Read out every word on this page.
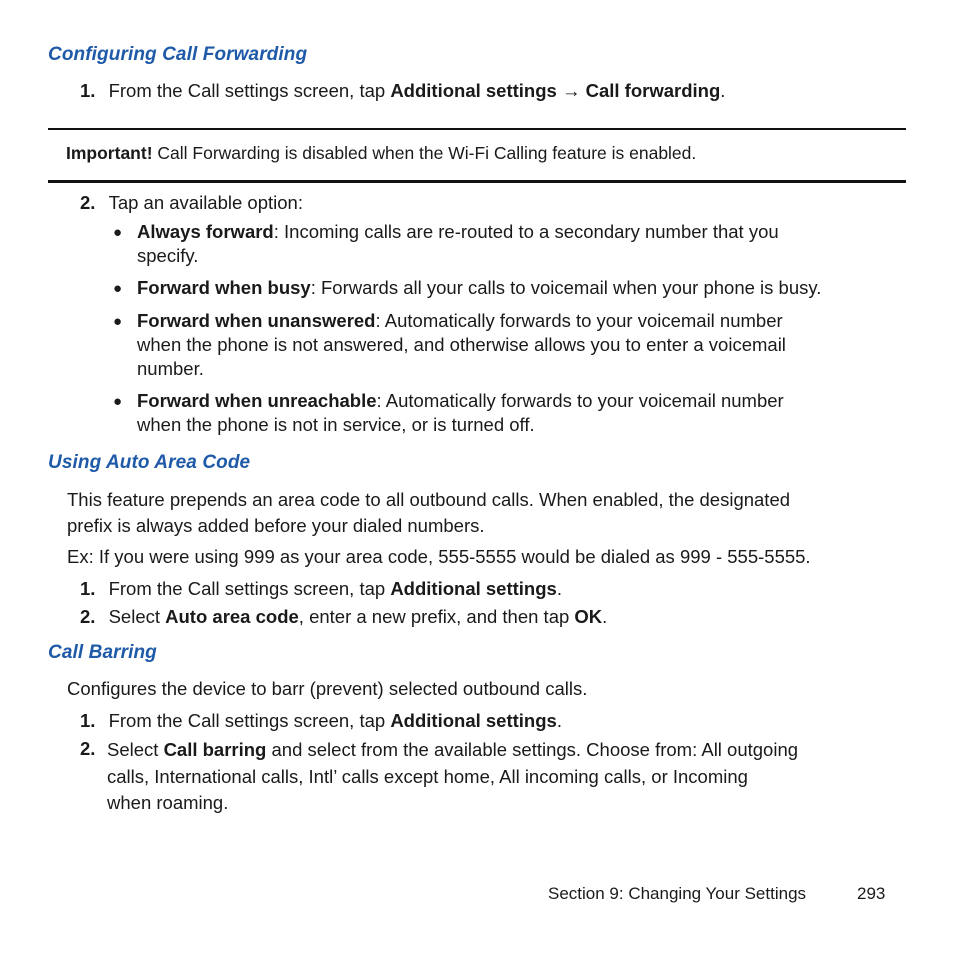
Configuring Call Forwarding
1. From the Call settings screen, tap Additional settings → Call forwarding.
Important! Call Forwarding is disabled when the Wi-Fi Calling feature is enabled.
2. Tap an available option:
● Always forward: Incoming calls are re-routed to a secondary number that you
specify.
● Forward when busy: Forwards all your calls to voicemail when your phone is busy.
● Forward when unanswered: Automatically forwards to your voicemail number
when the phone is not answered, and otherwise allows you to enter a voicemail
number.
● Forward when unreachable: Automatically forwards to your voicemail number
when the phone is not in service, or is turned off.
Using Auto Area Code
This feature prepends an area code to all outbound calls. When enabled, the designated
prefix is always added before your dialed numbers.
Ex: If you were using 999 as your area code, 555-5555 would be dialed as 999 - 555-5555.
1. From the Call settings screen, tap Additional settings.
2. Select Auto area code, enter a new prefix, and then tap OK.
Call Barring
Configures the device to barr (prevent) selected outbound calls.
1. From the Call settings screen, tap Additional settings.
2. Select Call barring and select from the available settings. Choose from: All outgoing
calls, International calls, Intl’ calls except home, All incoming calls, or Incoming
when roaming.
Section 9: Changing Your Settings	293
